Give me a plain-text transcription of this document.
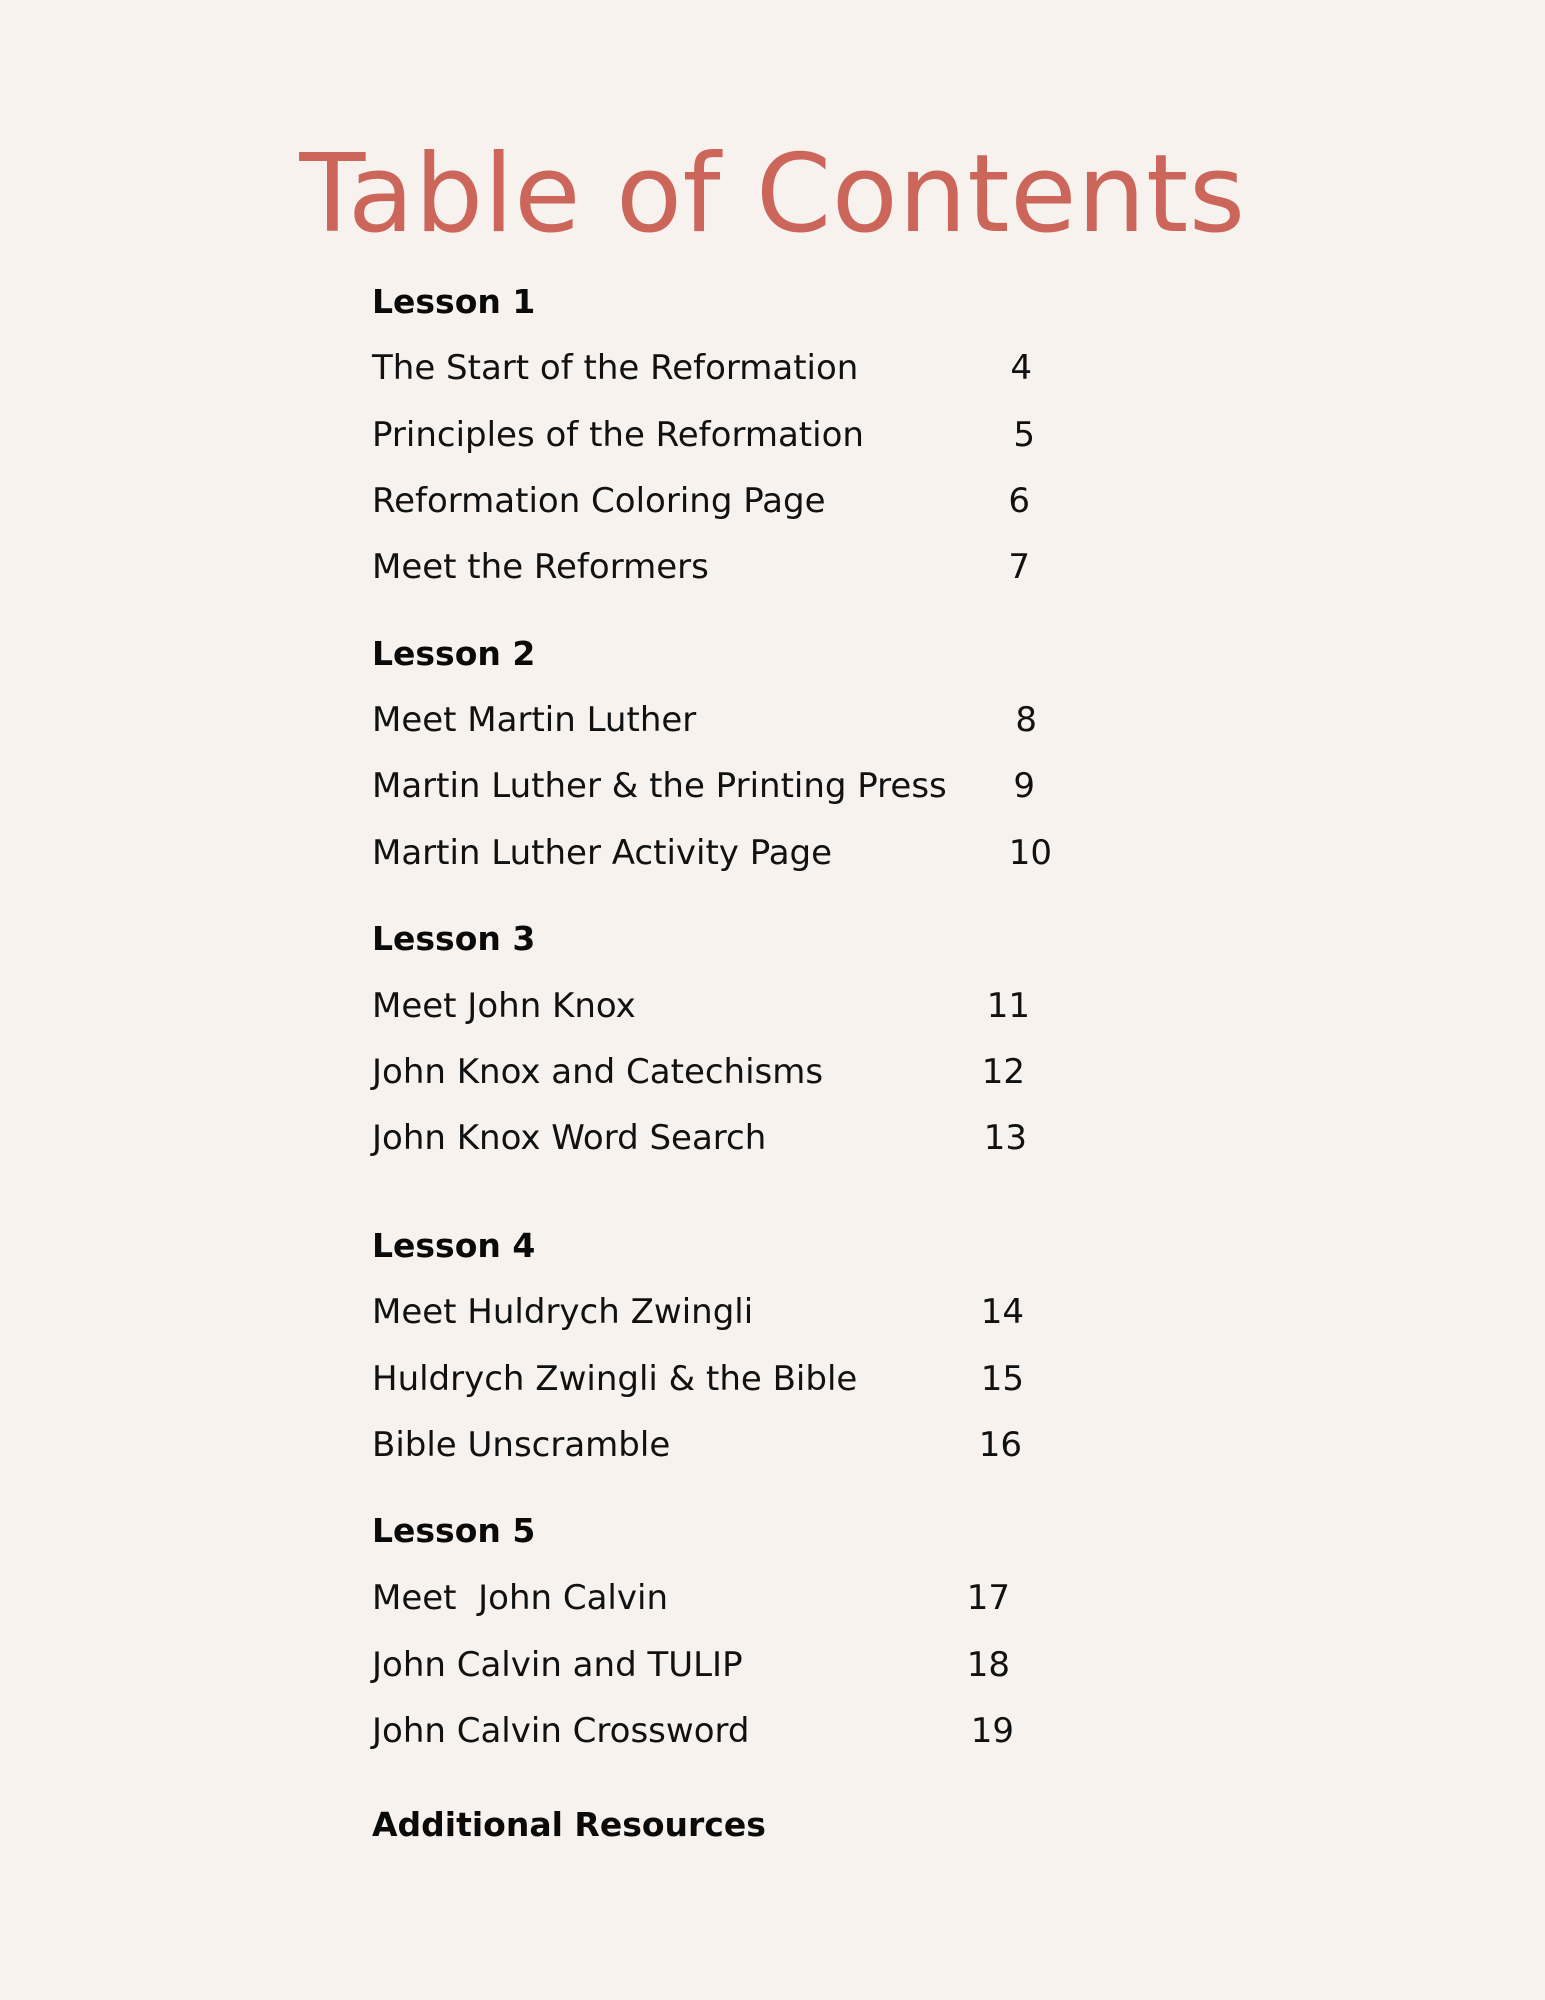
Table of Contents
Lesson 1
The Start of the Reformation	4
Principles of the Reformation	5
Reformation Coloring Page	6
Meet the Reformers	7
Lesson 2
Meet Martin Luther	8
Martin Luther & the Printing Press	9
Martin Luther Activity Page	10
Lesson 3
Meet John Knox	11
John Knox and Catechisms	12
John Knox Word Search	13
Lesson 4
Meet Huldrych Zwingli	14
Huldrych Zwingli & the Bible	15
Bible Unscramble	16
Lesson 5
Meet  John Calvin	17
John Calvin and TULIP	18
John Calvin Crossword	19
Additional Resources
